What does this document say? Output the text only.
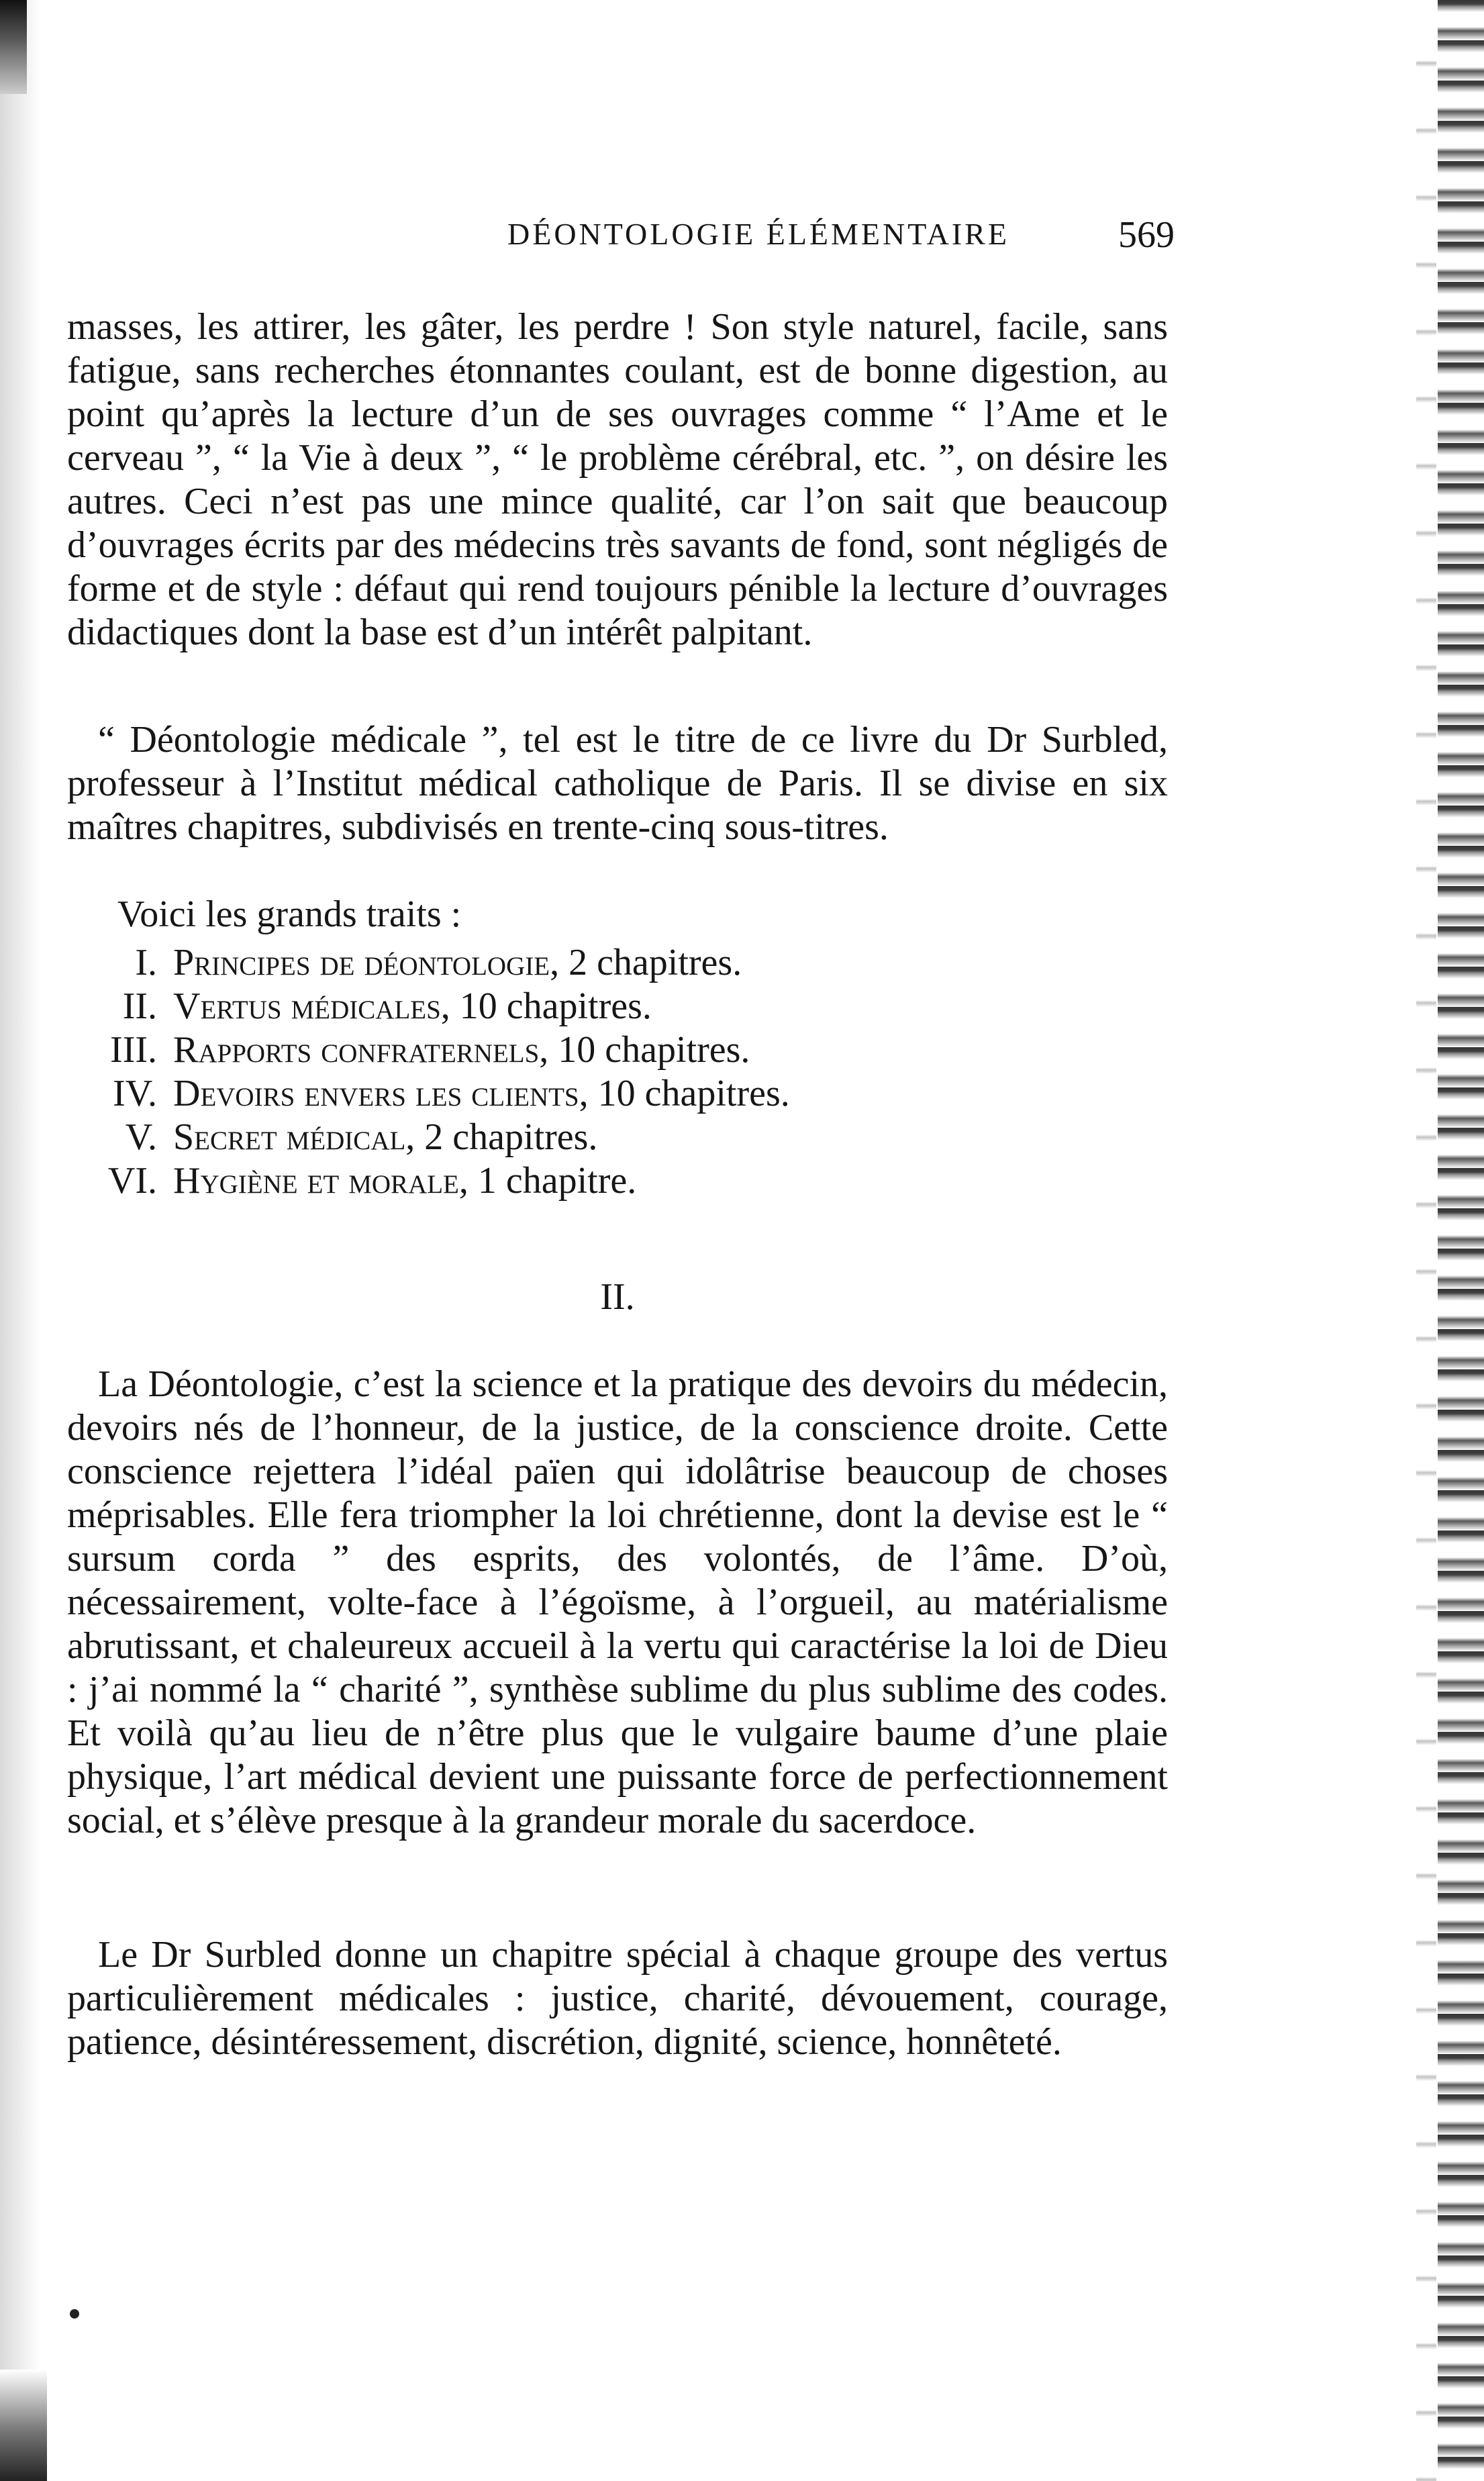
DÉONTOLOGIE ÉLÉMENTAIRE	569

masses, les attirer, les gâter, les perdre ! Son style naturel, facile, sans fatigue, sans recherches étonnantes coulant, est de bonne digestion, au point qu’après la lecture d’un de ses ouvrages comme “ l’Ame et le cerveau ”, “ la Vie à deux ”, “ le problème cérébral, etc. ”, on désire les autres. Ceci n’est pas une mince qualité, car l’on sait que beaucoup d’ouvrages écrits par des médecins très savants de fond, sont négligés de forme et de style : défaut qui rend toujours pénible la lecture d’ouvrages didactiques dont la base est d’un intérêt palpitant.

“ Déontologie médicale ”, tel est le titre de ce livre du Dr Surbled, professeur à l’Institut médical catholique de Paris. Il se divise en six maîtres chapitres, subdivisés en trente-cinq sous-titres.

Voici les grands traits :
I. Principes de déontologie, 2 chapitres.
II. Vertus médicales, 10 chapitres.
III. Rapports confraternels, 10 chapitres.
IV. Devoirs envers les clients, 10 chapitres.
V. Secret médical, 2 chapitres.
VI. Hygiène et morale, 1 chapitre.
II.

La Déontologie, c’est la science et la pratique des devoirs du médecin, devoirs nés de l’honneur, de la justice, de la conscience droite. Cette conscience rejettera l’idéal païen qui idolâtrise beaucoup de choses méprisables. Elle fera triompher la loi chrétienne, dont la devise est le “ sursum corda ” des esprits, des volontés, de l’âme. D’où, nécessairement, volte-face à l’égoïsme, à l’orgueil, au matérialisme abrutissant, et chaleureux accueil à la vertu qui caractérise la loi de Dieu : j’ai nommé la “ charité ”, synthèse sublime du plus sublime des codes. Et voilà qu’au lieu de n’être plus que le vulgaire baume d’une plaie physique, l’art médical devient une puissante force de perfectionnement social, et s’élève presque à la grandeur morale du sacerdoce.

Le Dr Surbled donne un chapitre spécial à chaque groupe des vertus particulièrement médicales : justice, charité, dévouement, courage, patience, désintéressement, discrétion, dignité, science, honnêteté.
